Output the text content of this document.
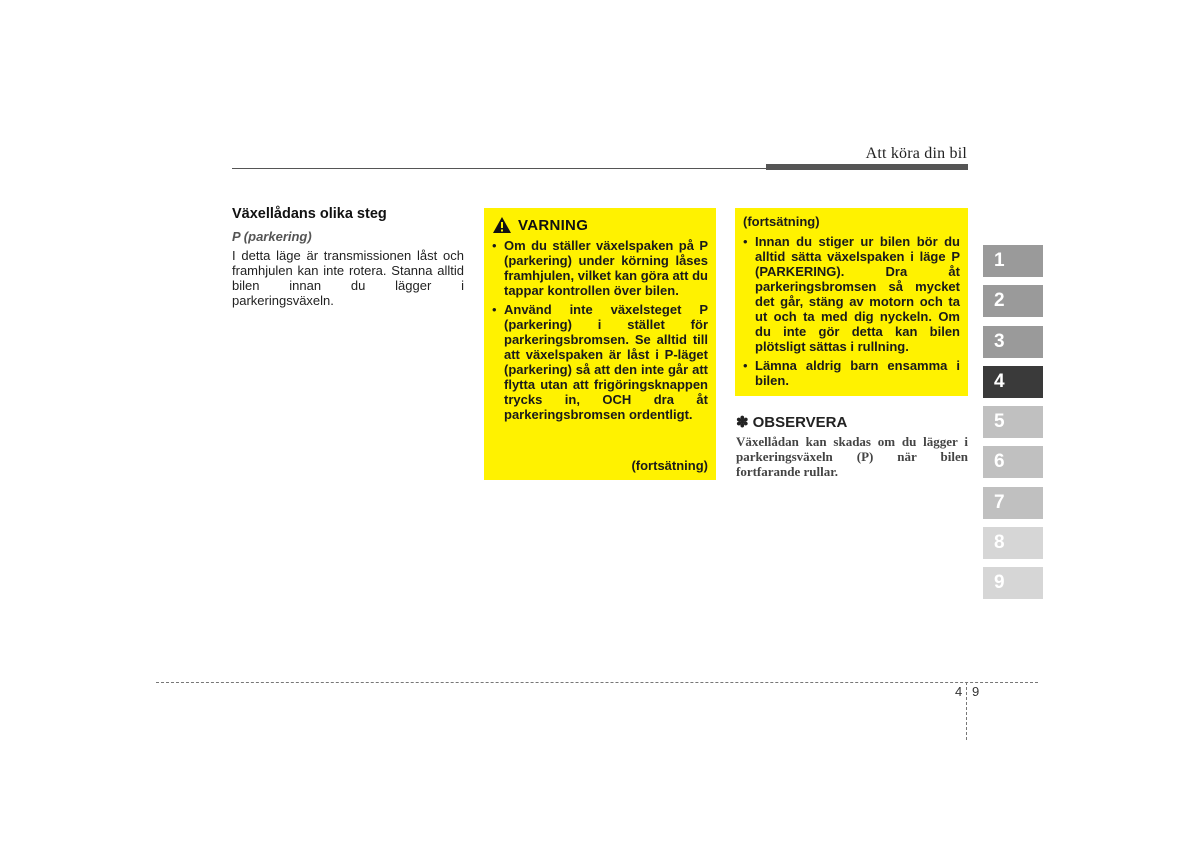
Att köra din bil
Växellådans olika steg
P (parkering)
I detta läge är transmissionen låst och framhjulen kan inte rotera. Stanna alltid bilen innan du lägger i parkeringsväxeln.
VARNING
• Om du ställer växelspaken på P (parkering) under körning låses framhjulen, vilket kan göra att du tappar kontrollen över bilen.
• Använd inte växelsteget P (parkering) i stället för parkeringsbromsen. Se alltid till att växelspaken är låst i P-läget (parkering) så att den inte går att flytta utan att frigöringsknappen trycks in, OCH dra åt parkeringsbromsen ordentligt.
(fortsätning)
(fortsätning)
• Innan du stiger ur bilen bör du alltid sätta växelspaken i läge P (PARKERING). Dra åt parkeringsbromsen så mycket det går, stäng av motorn och ta ut och ta med dig nyckeln. Om du inte gör detta kan bilen plötsligt sättas i rullning.
• Lämna aldrig barn ensamma i bilen.
✽ OBSERVERA
Växellådan kan skadas om du lägger i parkeringsväxeln (P) när bilen fortfarande rullar.
1
2
3
4
5
6
7
8
9
4 9
